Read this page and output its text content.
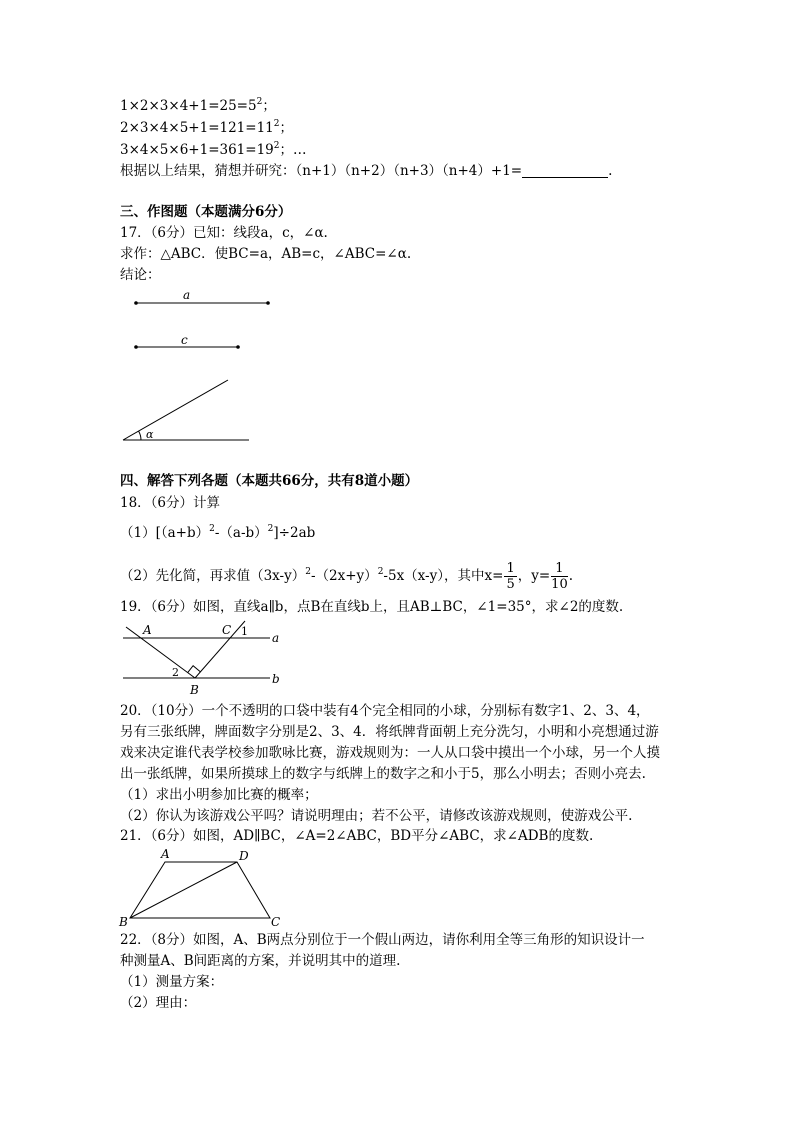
$1\times 2\times 3\times 4+1=25=5^2$；
$2\times 3\times 4\times 5+1=121=11^2$；
$3\times 4\times 5\times 6+1=361=19^2$；…
根据以上结果，猜想并研究：（n+1）（n+2）（n+3）（n+4）+1=	.
三、作图题（本题满分6分）
17．（6分）已知：线段a，c，∠α.
求作：△ABC．使BC=a，AB=c，∠ABC=∠α.
结论：
a
c
α
A	C 1 a
2	b
B
A	D
B	C
四、解答下列各题（本题共66分，共有8道小题）
18．（6分）计算
$(1)[(a+b)^2-(a-b)^2]\div 2ab$
（2）先化简，再求值$(3x-y)^2-(2x+y)^2-5x(x-y)$，其中$x= \frac{1}{5}$ ，$y= \frac{1}{10}$ .
19．（6分）如图，直线a∥b，点B在直线b上，且AB⊥BC，∠1=35°，求∠2的度数.
20．（10分）一个不透明的口袋中装有4个完全相同的小球，分别标有数字1、2、3、4，
另有三张纸牌，牌面数字分别是2、3、4．将纸牌背面朝上充分洗匀，小明和小亮想通过游
戏来决定谁代表学校参加歌咏比赛，游戏规则为：一人从口袋中摸出一个小球，另一个人摸
出一张纸牌，如果所摸球上的数字与纸牌上的数字之和小于5，那么小明去；否则小亮去.
（1）求出小明参加比赛的概率；
（2）你认为该游戏公平吗？请说明理由；若不公平，请修改该游戏规则，使游戏公平.
21．（6分）如图，AD∥BC，∠A=2∠ABC，BD平分∠ABC，求∠ADB的度数.
22．（8分）如图，A、B两点分别位于一个假山两边，请你利用全等三角形的知识设计一
种测量A、B间距离的方案，并说明其中的道理.
（1）测量方案：
（2）理由：
